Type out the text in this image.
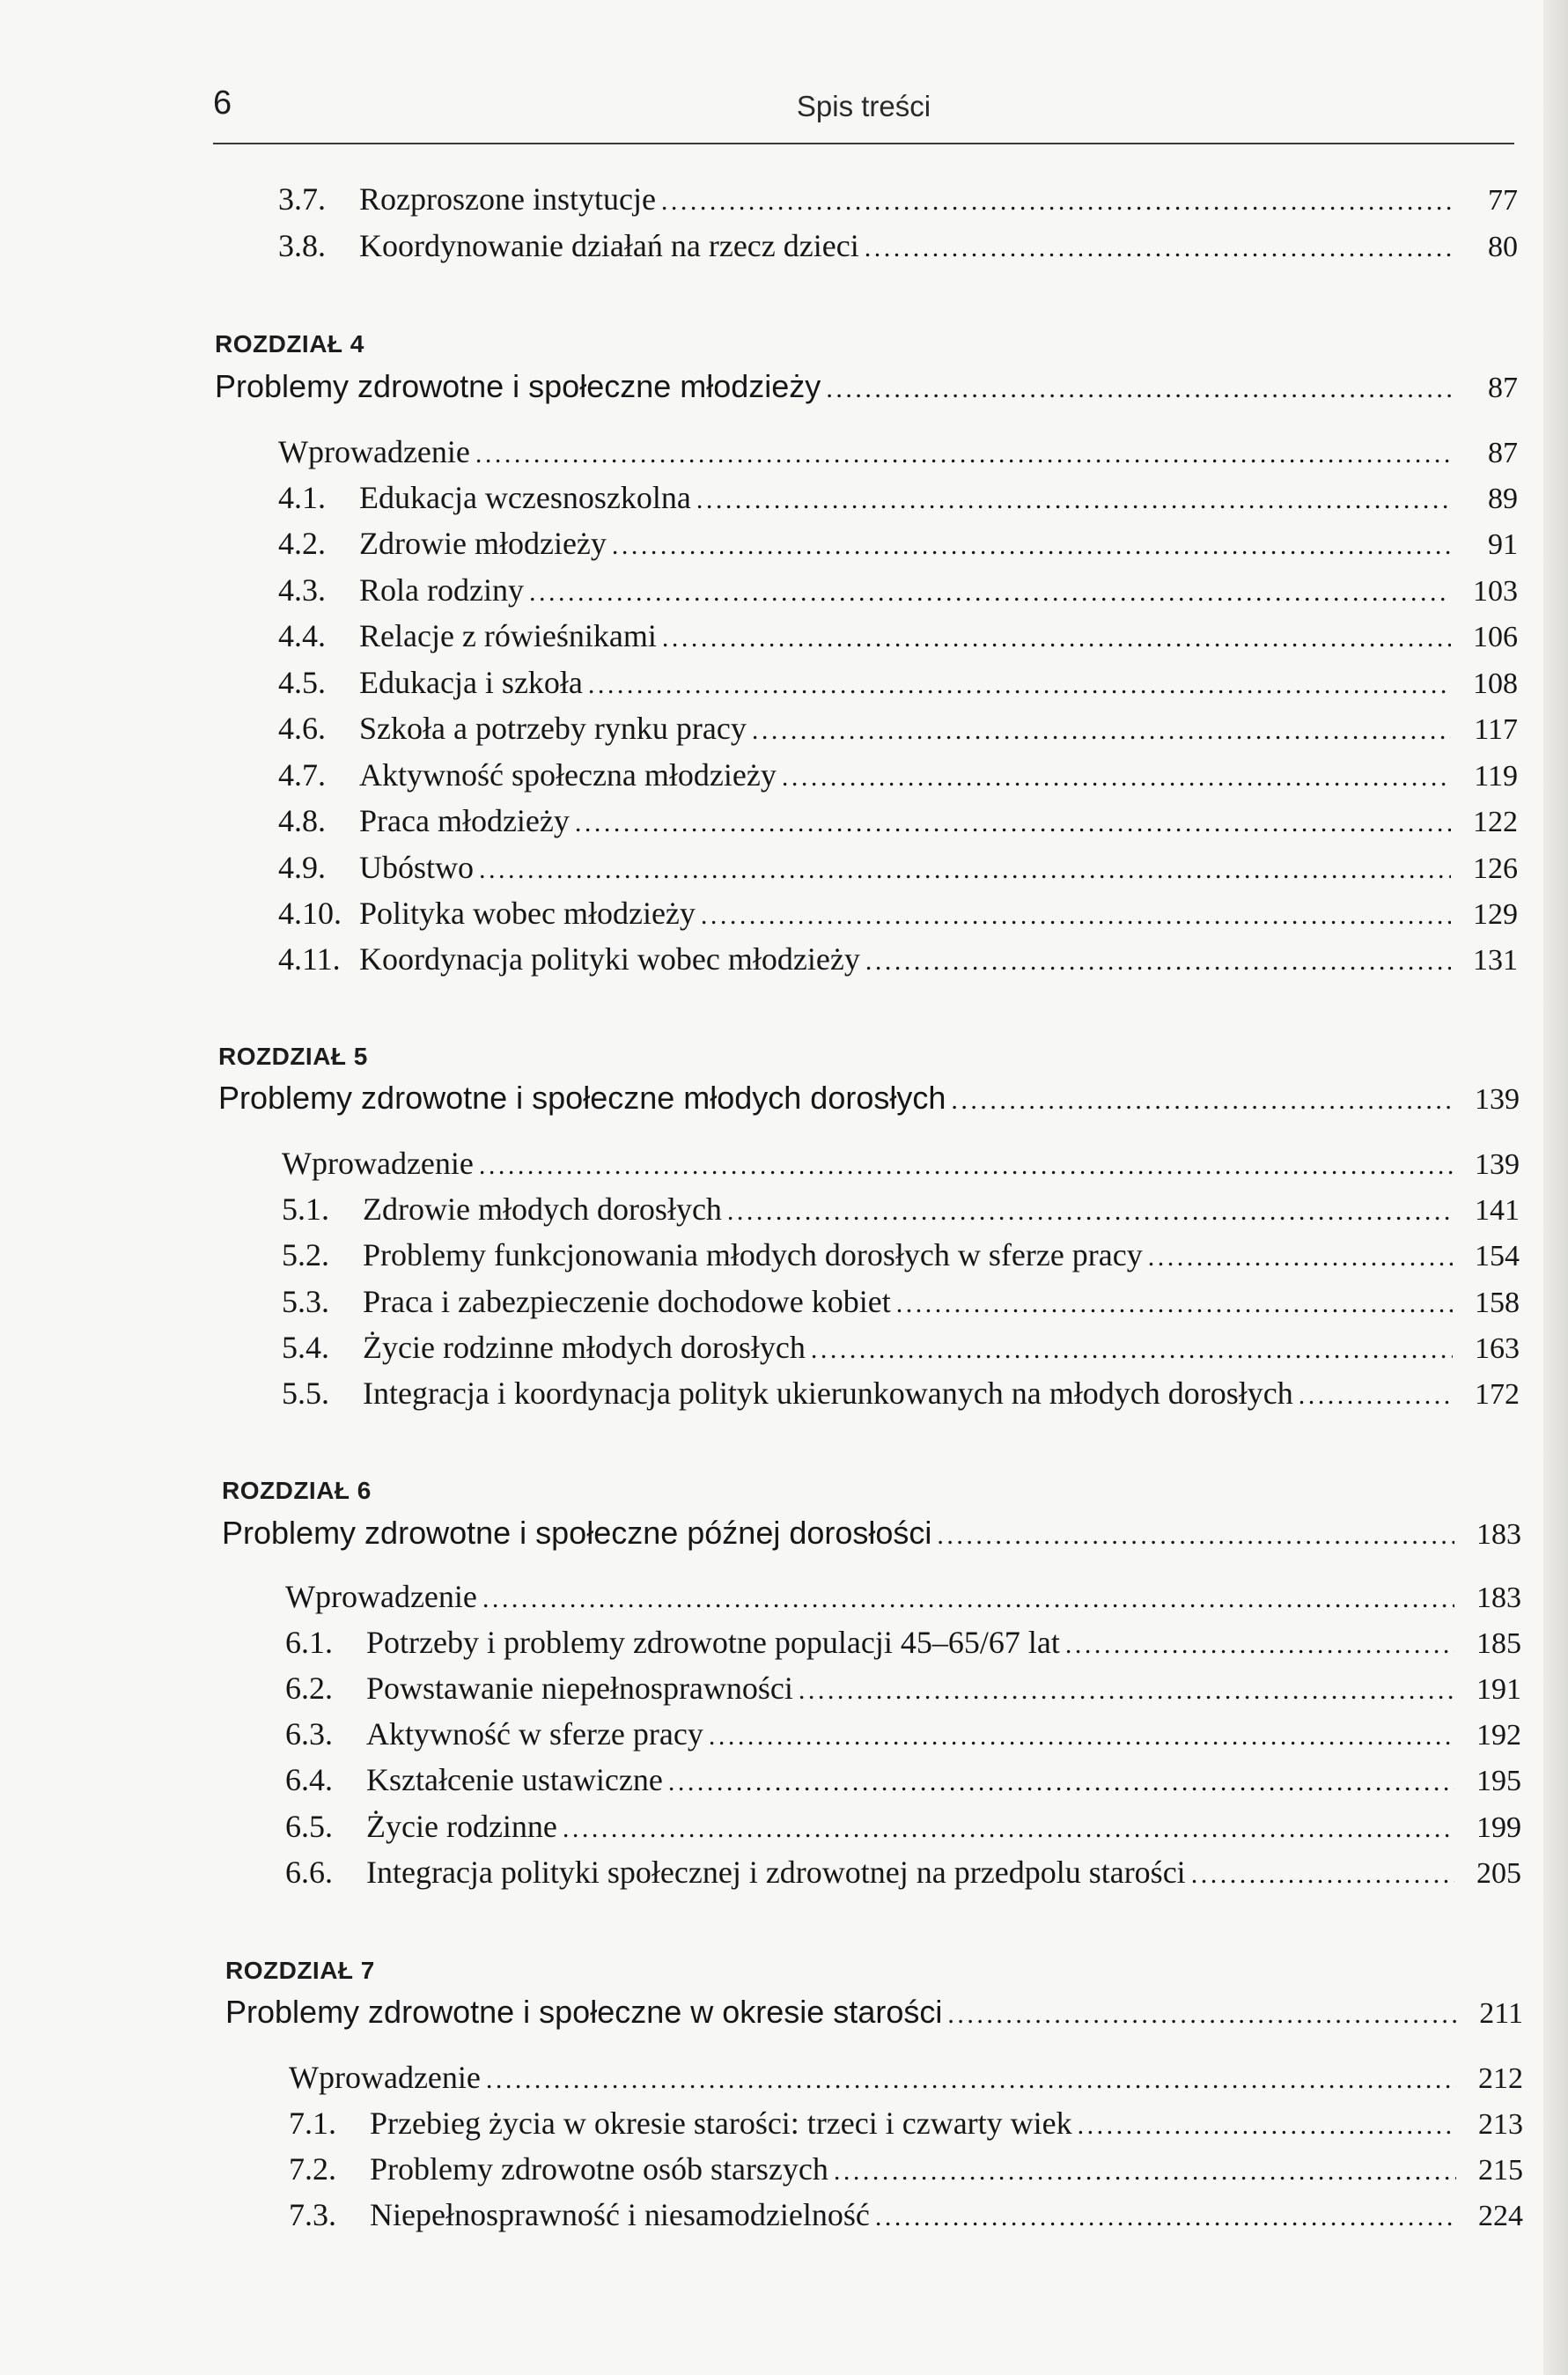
6	Spis treści
3.7.	Rozproszone instytucje . . .	77
3.8.	Koordynowanie działań na rzecz dzieci . . .	80
ROZDZIAŁ 4
Problemy zdrowotne i społeczne młodzieży . . .	87
Wprowadzenie . . .	87
4.1.	Edukacja wczesnoszkolna . . .	89
4.2.	Zdrowie młodzieży . . .	91
4.3.	Rola rodziny . . .	103
4.4.	Relacje z rówieśnikami . . .	106
4.5.	Edukacja i szkoła . . .	108
4.6.	Szkoła a potrzeby rynku pracy . . .	117
4.7.	Aktywność społeczna młodzieży . . .	119
4.8.	Praca młodzieży . . .	122
4.9.	Ubóstwo . . .	126
4.10. Polityka wobec młodzieży . . .	129
4.11. Koordynacja polityki wobec młodzieży . . .	131
ROZDZIAŁ 5
Problemy zdrowotne i społeczne młodych dorosłych . . .	139
Wprowadzenie . . .	139
5.1.	Zdrowie młodych dorosłych . . .	141
5.2.	Problemy funkcjonowania młodych dorosłych w sferze pracy . . .	154
5.3.	Praca i zabezpieczenie dochodowe kobiet . . .	158
5.4.	Życie rodzinne młodych dorosłych . . .	163
5.5.	Integracja i koordynacja polityk ukierunkowanych na młodych dorosłych . . .	172
ROZDZIAŁ 6
Problemy zdrowotne i społeczne późnej dorosłości . . .	183
Wprowadzenie . . .	183
6.1.	Potrzeby i problemy zdrowotne populacji 45–65/67 lat . . .	185
6.2.	Powstawanie niepełnosprawności . . .	191
6.3.	Aktywność w sferze pracy . . .	192
6.4.	Kształcenie ustawiczne . . .	195
6.5.	Życie rodzinne . . .	199
6.6.	Integracja polityki społecznej i zdrowotnej na przedpolu starości . . .	205
ROZDZIAŁ 7
Problemy zdrowotne i społeczne w okresie starości . . .	211
Wprowadzenie . . .	212
7.1.	Przebieg życia w okresie starości: trzeci i czwarty wiek . . .	213
7.2.	Problemy zdrowotne osób starszych . . .	215
7.3.	Niepełnosprawność i niesamodzielność . . .	224
